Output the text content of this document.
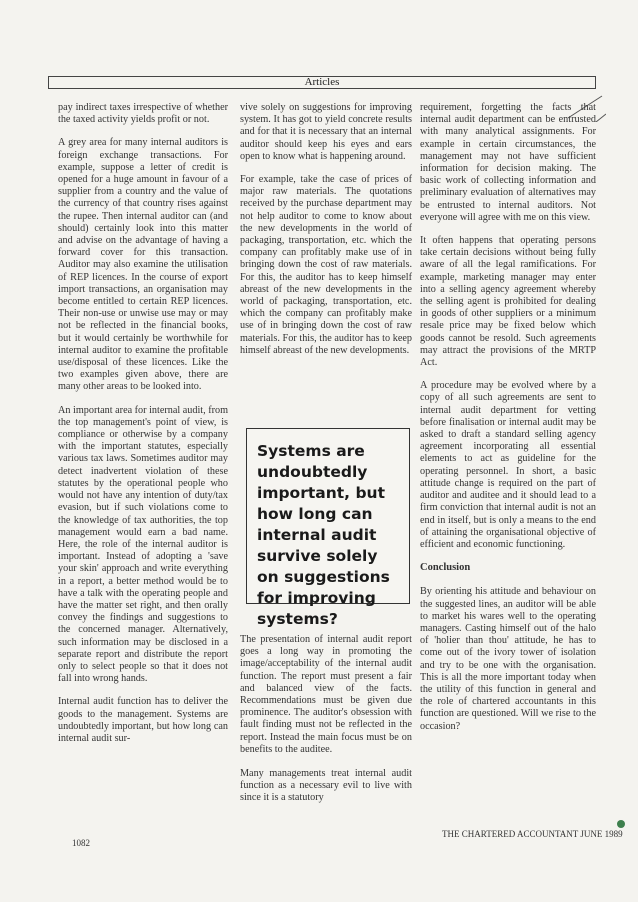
Articles

pay indirect taxes irrespective of whether the taxed activity yields profit or not.

A grey area for many internal auditors is foreign exchange transactions. For example, suppose a letter of credit is opened for a huge amount in favour of a supplier from a country and the value of the currency of that country rises against the rupee. Then internal auditor can (and should) certainly look into this matter and advise on the advantage of having a forward cover for this transaction. Auditor may also examine the utilisation of REP licences. In the course of export import transactions, an organisation may become entitled to certain REP licences. Their non-use or unwise use may or may not be reflected in the financial books, but it would certainly be worthwhile for internal auditor to examine the profitable use/disposal of these licences. Like the two examples given above, there are many other areas to be looked into.

An important area for internal audit, from the top management's point of view, is compliance or otherwise by a company with the important statutes, especially various tax laws. Sometimes auditor may detect inadvertent violation of these statutes by the operational people who would not have any intention of duty/tax evasion, but if such violations come to the knowledge of tax authorities, the top management would earn a bad name. Here, the role of the internal auditor is important. Instead of adopting a 'save your skin' approach and write everything in a report, a better method would be to have a talk with the operating people and have the matter set right, and then orally convey the findings and suggestions to the concerned manager. Alternatively, such information may be disclosed in a separate report and distribute the report only to select people so that it does not fall into wrong hands.

Internal audit function has to deliver the goods to the management. Systems are undoubtedly important, but how long can internal audit sur-

vive solely on suggestions for improving system. It has got to yield concrete results and for that it is necessary that an internal auditor should keep his eyes and ears open to know what is happening around.

For example, take the case of prices of major raw materials. The quotations received by the purchase department may not help auditor to come to know about the new developments in the world of packaging, transportation, etc. which the company can profitably make use of in bringing down the cost of raw materials. For this, the auditor has to keep himself abreast of the new developments in the world of packaging, transportation, etc. which the company can profitably make use of in bringing down the cost of raw materials. For this, the auditor has to keep himself abreast of the new developments.

Systems are undoubtedly important, but how long can internal audit survive solely on suggestions for improving systems?

The presentation of internal audit report goes a long way in promoting the image/acceptability of the internal audit function. The report must present a fair and balanced view of the facts. Recommendations must be given due prominence. The auditor's obsession with fault finding must not be reflected in the report. Instead the main focus must be on benefits to the auditee.

Many managements treat internal audit function as a necessary evil to live with since it is a statutory

requirement, forgetting the facts that internal audit department can be entrusted with many analytical assignments. For example in certain circumstances, the management may not have sufficient information for decision making. The basic work of collecting information and preliminary evaluation of alternatives may be entrusted to internal auditors. Not everyone will agree with me on this view.

It often happens that operating persons take certain decisions without being fully aware of all the legal ramifications. For example, marketing manager may enter into a selling agency agreement whereby the selling agent is prohibited for dealing in goods of other suppliers or a minimum resale price may be fixed below which goods cannot be resold. Such agreements may attract the provisions of the MRTP Act.

A procedure may be evolved where by a copy of all such agreements are sent to internal audit department for vetting before finalisation or internal audit may be asked to draft a standard selling agency agreement incorporating all essential elements to act as guideline for the operating personnel. In short, a basic attitude change is required on the part of auditor and auditee and it should lead to a firm conviction that internal audit is not an end in itself, but is only a means to the end of attaining the organisational objective of efficient and economic functioning.

Conclusion

By orienting his attitude and behaviour on the suggested lines, an auditor will be able to market his wares well to the operating managers. Casting himself out of the halo of 'holier than thou' attitude, he has to come out of the ivory tower of isolation and try to be one with the organisation. This is all the more important today when the utility of this function in general and the role of chartered accountants in this function are questioned. Will we rise to the occasion?

THE CHARTERED ACCOUNTANT JUNE 1989
1082
